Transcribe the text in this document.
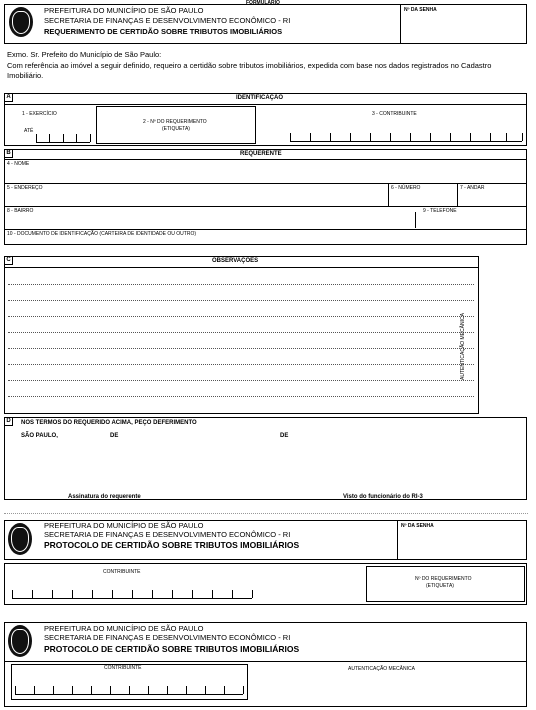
FORMULÁRIO
PREFEITURA DO MUNICÍPIO DE SÃO PAULO
SECRETARIA DE FINANÇAS E DESENVOLVIMENTO ECONÔMICO - RI
REQUERIMENTO DE CERTIDÃO SOBRE TRIBUTOS IMOBILIÁRIOS
Nº DA SENHA
Exmo. Sr. Prefeito do Município de São Paulo:
Com referência ao imóvel a seguir definido, requeiro a certidão sobre tributos imobiliários, expedida com base nos dados registrados no Cadastro Imobiliário.
A	IDENTIFICAÇÃO
1 - EXERCÍCIO
ATÉ
2 - Nº DO REQUERIMENTO
(ETIQUETA)
3 - CONTRIBUINTE
B	REQUERENTE
4 - NOME
5 - ENDEREÇO	6 - NÚMERO	7 - ANDAR
8 - BAIRRO	9 - TELEFONE
10 - DOCUMENTO DE IDENTIFICAÇÃO (CARTEIRA DE IDENTIDADE OU OUTRO)
C	OBSERVAÇÕES
AUTENTICAÇÃO MECÂNICA
D	NOS TERMOS DO REQUERIDO ACIMA, PEÇO DEFERIMENTO
SÃO PAULO,	DE	DE
Assinatura do requerente	Visto do funcionário do RI-3
PREFEITURA DO MUNICÍPIO DE SÃO PAULO
SECRETARIA DE FINANÇAS E DESENVOLVIMENTO ECONÔMICO - RI
PROTOCOLO DE CERTIDÃO SOBRE TRIBUTOS IMOBILIÁRIOS
Nº DA SENHA
CONTRIBUINTE
Nº DO REQUERIMENTO
(ETIQUETA)
PREFEITURA DO MUNICÍPIO DE SÃO PAULO
SECRETARIA DE FINANÇAS E DESENVOLVIMENTO ECONÔMICO - RI
PROTOCOLO DE CERTIDÃO SOBRE TRIBUTOS IMOBILIÁRIOS
CONTRIBUINTE	AUTENTICAÇÃO MECÂNICA
